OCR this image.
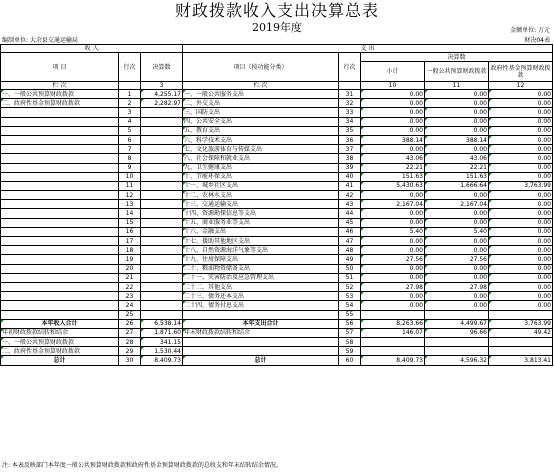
财政拨款收入支出决算总表
2019年度	金额单位: 万元
编制单位: 大余县交通运输局	财决04表
收 入			支 出				
项 目	行次	决算数	项目（按功能分类）	行次	决算数		
					小计	一般公共预算财政拨款	政府性基金预算财政拨款
栏 次		3	栏 次		10	11	12
一、一般公共预算财政拨款	1	4,255.17	一、一般公共服务支出	31	0.00	0.00	0.00
二、政府性基金预算财政拨款	2	2,282.97	二、外交支出	32	0.00	0.00	0.00
	3		三、国防支出	33	0.00	0.00	0.00
	4		四、公共安全支出	34	0.00	0.00	0.00
	5		五、教育支出	35	0.00	0.00	0.00
	6		六、科学技术支出	36	388.14	388.14	0.00
	7		七、文化旅游体育与传媒支出	37	0.00	0.00	0.00
	8		八、社会保障和就业支出	38	43.06	43.06	0.00
	9		九、卫生健康支出	39	22.21	22.21	0.00
	10		十、节能环保支出	40	151.63	151.63	0.00
	11		十一、城乡社区支出	41	5,430.63	1,666.64	3,763.99
	12		十二、农林水支出	42	0.00	0.00	0.00
	13		十三、交通运输支出	43	2,167.04	2,167.04	0.00
	14		十四、资源勘探信息等支出	44	0.00	0.00	0.00
	15		十五、商业服务业等支出	45	0.00	0.00	0.00
	16		十六、金融支出	46	5.40	5.40	0.00
	17		十七、援助其他地区支出	47	0.00	0.00	0.00
	18		十八、自然资源海洋气象等支出	48	0.00	0.00	0.00
	19		十九、住房保障支出	49	27.56	27.56	0.00
	20		二十、粮油物资储备支出	50	0.00	0.00	0.00
	21		二十一、灾害防治及应急管理支出	51	0.00	0.00	0.00
	22		二十二、其他支出	52	27.98	27.98	0.00
	23		二十三、债务还本支出	53	0.00	0.00	0.00
	24		二十四、债务付息支出	54	0.00	0.00	0.00
	25			55			
本年收入合计	26	6,538.14	本年支出合计	56	8,263.66	4,499.67	3,763.99
年初财政拨款结转和结余	27	1,871.60	年末财政拨款结转和结余	57	146.07	96.66	49.42
一、一般公共预算财政拨款	28	341.15		58			
二、政府性基金预算财政拨款	29	1,530.44		59			
总计	30	8,409.73	总计	60	8,409.73	4,596.32	3,813.41
注: 本表反映部门本年度一般公共预算财政拨款和政府性基金预算财政拨款的总收支和年末结转结余情况。
